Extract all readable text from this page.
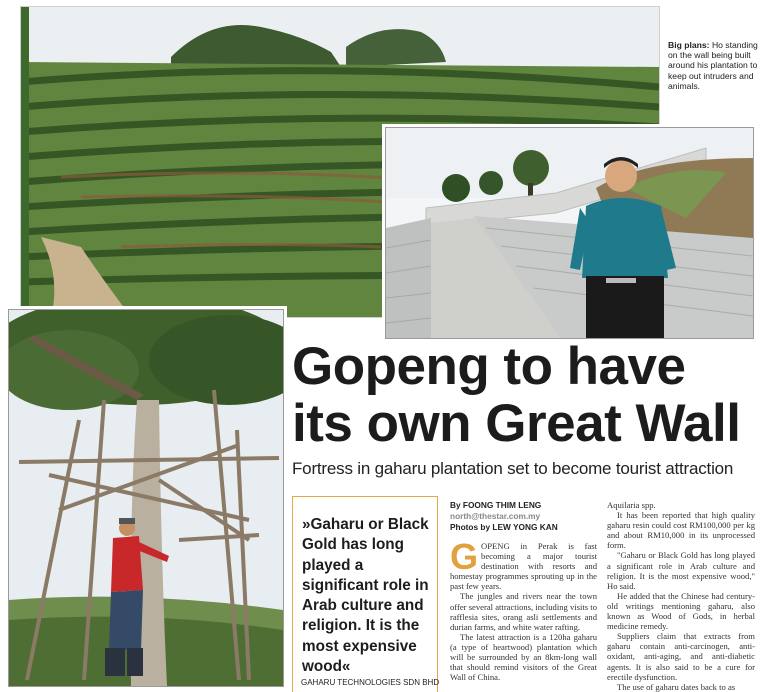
Big plans: Ho standing on the wall being built around his plantation to keep out intruders and animals.
Gopeng to have
its own Great Wall
Fortress in gaharu plantation set to become tourist attraction
»Gaharu or Black Gold has long played a significant role in Arab culture and religion. It is the most expensive wood«
GAHARU TECHNOLOGIES SDN BHD
By FOONG THIM LENG
north@thestar.com.my
Photos by LEW YONG KAN

GOPENG in Perak is fast becoming a major tourist destination with resorts and homestay programmes sprouting up in the past few years.

The jungles and rivers near the town offer several attractions, including visits to rafflesia sites, orang asli settlements and durian farms, and white water rafting.

The latest attraction is a 120ha gaharu (a type of heartwood) plantation which will be surrounded by an 8km-long wall that should remind visitors of the Great Wall of China.

Aquilaria spp.

It has been reported that high quality gaharu resin could cost RM100,000 per kg and about RM10,000 in its unprocessed form.

"Gaharu or Black Gold has long played a significant role in Arab culture and religion. It is the most expensive wood," Ho said.

He added that the Chinese had century-old writings mentioning gaharu, also known as Wood of Gods, in herbal medicine remedy.

Suppliers claim that extracts from gaharu contain anti-carcinogen, anti-oxidant, anti-aging, and anti-diabetic agents. It is also said to be a cure for erectile dysfunction.

The use of gaharu dates back to as
